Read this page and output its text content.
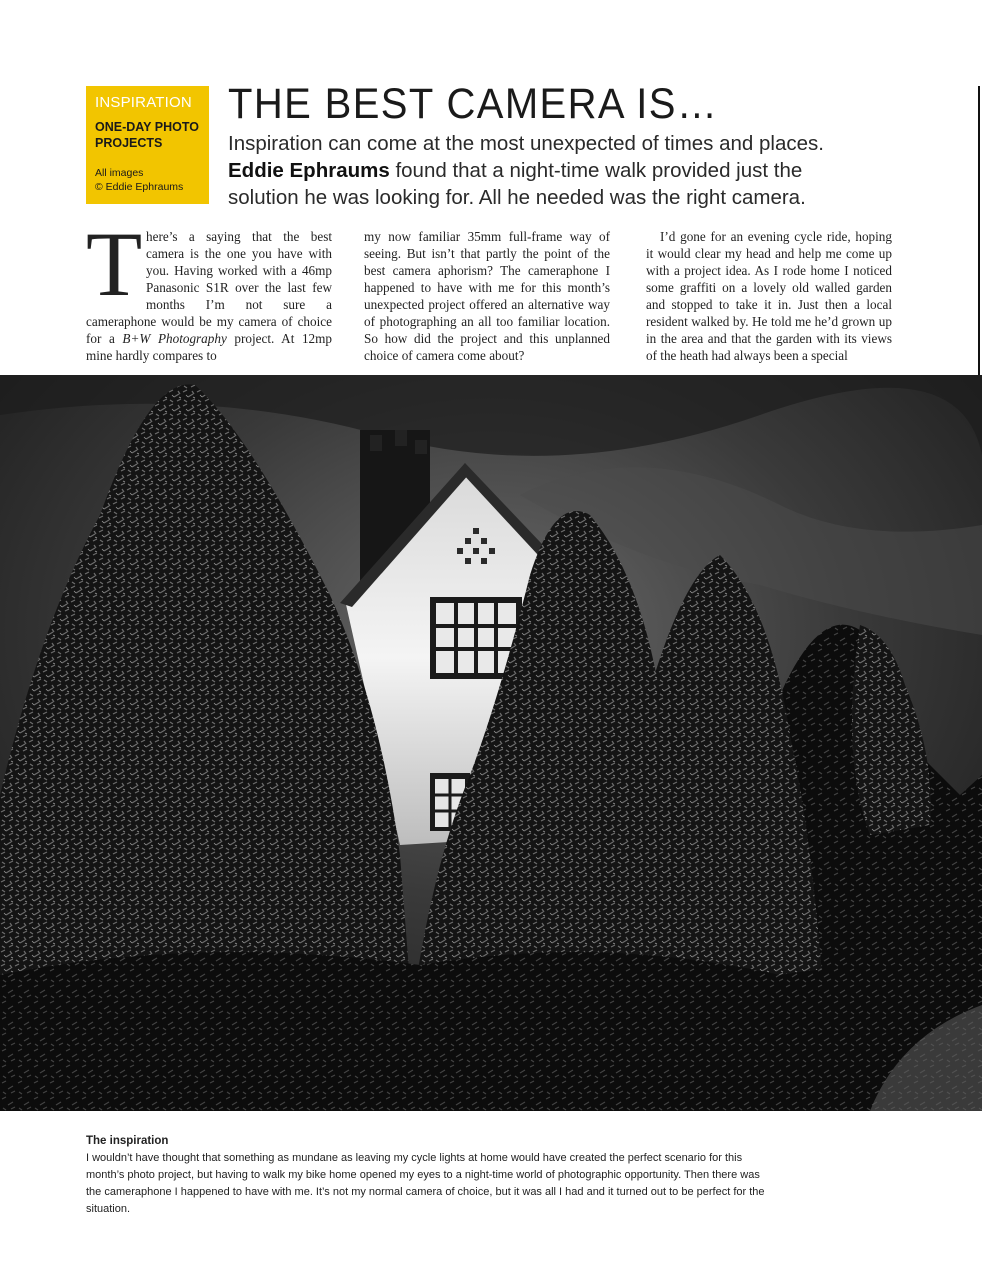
INSPIRATION
ONE-DAY PHOTO PROJECTS
All images
© Eddie Ephraums
THE BEST CAMERA IS…
Inspiration can come at the most unexpected of times and places. Eddie Ephraums found that a night-time walk provided just the solution he was looking for. All he needed was the right camera.
T here’s a saying that the best camera is the one you have with you. Having worked with a 46mp Panasonic S1R over the last few months I’m not sure a cameraphone would be my camera of choice for a B+W Photography project. At 12mp mine hardly compares to

my now familiar 35mm full-frame way of seeing. But isn’t that partly the point of the best camera aphorism? The cameraphone I happened to have with me for this month’s unexpected project offered an alternative way of photographing an all too familiar location. So how did the project and this unplanned choice of camera come about?

I’d gone for an evening cycle ride, hoping it would clear my head and help me come up with a project idea. As I rode home I noticed some graffiti on a lovely old walled garden and stopped to take it in. Just then a local resident walked by. He told me he’d grown up in the area and that the garden with its views of the heath had always been a special

The inspiration
I wouldn’t have thought that something as mundane as leaving my cycle lights at home would have created the perfect scenario for this month’s photo project, but having to walk my bike home opened my eyes to a night-time world of photographic opportunity. Then there was the cameraphone I happened to have with me. It’s not my normal camera of choice, but it was all I had and it turned out to be perfect for the situation.
